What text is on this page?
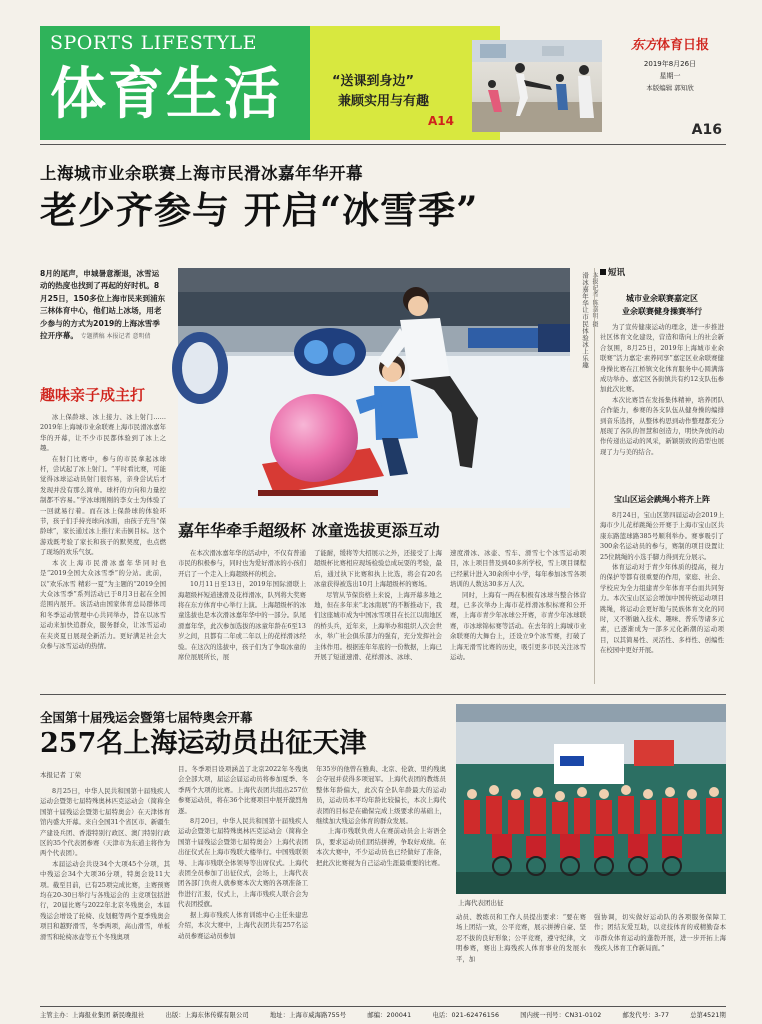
SPORTS LIFESTYLE
体育生活	“送课到身边”
兼顾实用与有趣
A14
东方体育日报
2019年8月26日
星期一
本版编辑 郭知欣
A16
上海城市业余联赛上海市民滑冰嘉年华开幕
老少齐参与 开启“冰雪季”
8月的尾声，申城暑意渐退，冰雪运动的热度也找到了再起的好时机。8月25日，150多位上海市民来到浦东三林体育中心，他们站上冰场，用老少参与的方式为2019的上海冰雪季拉开序幕。 专题撰稿 本报记者 意明倩
趣味亲子成主打

冰上保龄球、冰上接力、冰上射门……2019年上海城市业余联赛上海市民滑冰嘉年华的开幕，让不少市民都体验到了冰上之趣。

在射门比赛中，参与的市民拿起冰球杆，尝试起了冰上射门。“平时看比赛，可能觉得冰球运动员射门很容易，亲身尝试后才发现并没有那么简单。球杆的方向和力量控制都不容易。”学冰球刚刚的李女士为体验了一回就易行着。而在冰上保龄球的体验环节，孩子们手持亮球向冰面，由孩子充当“保龄球”，家长通过冰上推行来击倒目标。这个游戏既考验了家长和孩子的默契度，也点燃了现场的欢乐气氛。

本次上海市民滑冰嘉年华同时也是“2019全国大众冰雪季”的分站。此前，以“欢乐冰雪 精彩一夏”为主题的“2019全国大众冰雪季”系列活动已于8月3日起在全国范围内展开。该活动由国家体育总局群体司和冬季运动管理中心共同举办，旨在以冰雪运动来加快追群众，服务群众，让冰雪运动在夹炎夏日展现全新活力。更好满足社会大众参与冰雪运动的热情。

滑冰嘉年华让市民体验冰上乐趣
嘉年华牵手超级杯 冰童选拔更添互动

在本次滑冰嘉年华的活动中，不仅有普通市民的积极参与，同时也为爱好滑冰的小孩们开启了一个走入上海超级杯的机会。

10月11日至13日，2019年国际滑联上海超级杯短道速滑及花样滑冰，队列将大奖赛将在东方体育中心举行上演。上海超级杯的冰童选拔也是本次滑冰嘉年华中的一部分。队尾滑嘉年华，此次参加选拔的冰童年龄在6至13岁之间，且都有二年或二年以上的花样滑冰经验。在这次的选拔中，孩子们为了争取冰童的席位展展所长，展

了能耐，缓将等大招展示之外，还接受了上海超级杯比赛相应现场检验总成玩耍的考验，最后，通过执下比赛和执上比选，将会有20名冰童获得被选出10月上海超级杯的赛场。

尽管从节保资格上来说，上海开幕多地之地，但在多年来“北冰南展”的不断推动下，我们这座城市成为中国冰雪项目在长江以南地区的桥头兵，近年来，上海举办和组织人次会世水，举广社会俱乐部力的强有，充分发挥社会主体作用。根据连年年底的一份数据，上海已开展了短道速滑、花样滑冰、冰球、

速度滑冰、冰壶、雪车、滑雪七个冰雪运动项目，冰上项目普及到40多所学校，雪上项目课程已经累计进入30余所中小学，每年参加冰雪各项培训的人数达30多万人次。

同时，上海有一两在积极有冰球当整合体营理，已多次举办上海市花样滑冰积标赛和公开赛，上海市青少年冰球公开赛，市青少年冰球联赛，市冰球锦标赛等活动。在去年的上海城市业余联赛的大舞台上，还设立9个冰雪赛，打破了上海无滑雪比赛的历史，吸引更多市民关注冰雪运动。

短讯
城市业余联赛嘉定区
业余联赛健身操赛举行

为了宣传健康运动的理念，进一步推进社区体育文化建设，营造和谐向上的社会新合氛围，8月25日，2019年上海城市业余联赛“活力嘉定·素养同享”嘉定区业余联赛健身操比赛在江桥镇文化体育服务中心圆满落成功举办。嘉定区各街镇共有约12支队伍参加此次比赛。

本次比赛旨在发扬集体精神，培养团队合作能力，参赛的各支队伍从健身操的编排到音乐选择，从整体构思到动作整理都充分展现了各队的智慧和创造力，明快奔放的动作传递出运动的风采，新颖别致的造型也展现了力与美的结合。

宝山区运会跳绳小将齐上阵

8月24日，宝山区第四届运动会2019上海市少儿花样跳绳公开赛于上海市宝山区共康东路篮球路385号顺利举办。赛事吸引了300余名运动员的参与，赛制的项目设置让25位跳绳的小选手脚力得到充分展示。

体育运动对于青少年体质的提高，视力的保护等都有很重要的作用，家庭、社会、学校应为全力组建青少年体育平台而共同努力。本次宝山区运会增加中国传统运动项目跳绳，将运动会更好地与民族体育文化的同时，又不断融入技术、趣味、普乐等诸多元素，已逐渐成为一部多元化新潮的运动项目，以其简易性、灵活性、多样性、创编性在校园中更好开展。

全国第十届残运会暨第七届特奥会开幕
257名上海运动员出征天津
本报记者 丁荣

8月25日，中华人民共和国第十届残疾人运动会暨第七届特殊奥林匹克运动会（简称全国第十届残运会暨第七届特奥会）在天津体育馆内盛大开幕。来自全国31个省区市、新疆生产建设兵团、香港特别行政区、澳门特别行政区的35个代表团参赛（天津市为东道主将作为两个代表团）。

本届运动会共设34个大项45个分项，其中残运会34个大项36分项，特奥会设11大项。截至目前，已有25项完成比赛，主赛预赛均在20-30日举行与各残运会的 主竞项包括进行，20届比赛与2022年北京冬残奥会，本届残运会增设了轮椅、皮划艇等两个夏季残奥会项目和越野滑雪，冬季两项，高山滑雪，单板滑雪和轮椅冰壶等五个冬残奥项

目。冬季项目设项涵盖了北京2022年冬残奥会全部大项，届运会届运动员将参加夏季、冬季两个大项的比赛。上海代表团共组出257位参赛运动员，将在36个比赛项目中展开激烈角逐。

8月20日，中华人民共和国第十届残疾人运动会暨第七届特殊奥林匹克运动会（简称全国第十届残运会暨第七届特奥会）上海代表团出征仪式在上海市残联大楼举行。中国残联领导、上海市残联全体领导等出席仪式。上海代表团全员参加了出征仪式，会场上，上海代表团各部门负责人就参赛本次大赛的各项准备工作进行汇报，仪式上，上海市残疾人联合会为代表团授旗。

据上海市残疾人体育训练中心主任朱建忠介绍，本次大赛中，上海代表团共有257名运动员参赛运动员参加

年35岁的他曾在雅典、北京、伦敦、里约残奥会夺冠并获得多项冠军。上海代表团的教练员整体年龄偏大，此次有全队年龄最大的运动员，运动员本平均年龄比较偏长，本次上海代表团的目标是在确保完成上级要求的基础上，继续加大残运会体育的群众发展。

上海市残联负责人在赛前动员会上寄语全队，要求运动员们团结拼搏，争取好成绩。在本次大赛中，不少运动员也已经做好了准备，把此次比赛视为自己运动生涯最重要的比赛。

上海代表团出征

动员、教练员和工作人员提出要求：“要在赛场上团结一致，公平竞赛，展示拼搏自豪、坚忍不拔的良好形象；公平竞赛，遵守纪律，文明参赛，赛出上海残疾人体育事业的发展水平，加

强协调，切实做好运动队的各项服务保障工作；团结友爱互助，以竞技体育的戒精勤奋本市群众体育运动的蓬勃开展，进一步开拓上海残疾人体育工作新局面。”

主管主办：上海报业集团 新民晚报社	出版：上海东体传媒有限公司	地址：上海市威海路755号	邮编：200041	电话：021-62476156	国内统一刊号：CN31-0102	邮发代号：3-77	总第4521期
